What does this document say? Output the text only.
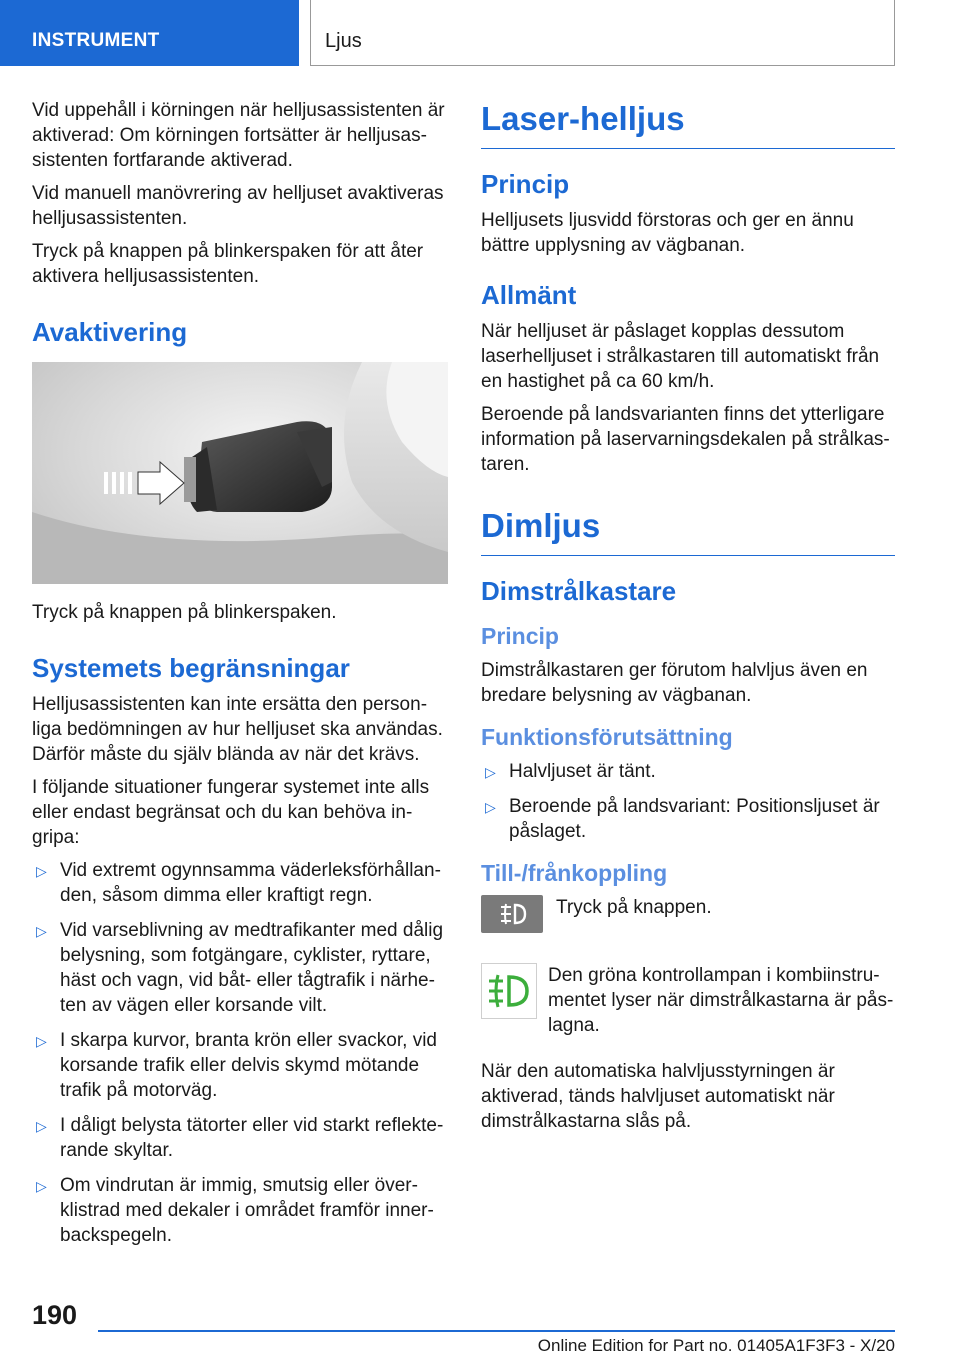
INSTRUMENT	Ljus

Vid uppehåll i körningen när helljusassistenten är aktiverad: Om körningen fortsätter är helljusassistenten fortfarande aktiverad.

Vid manuell manövrering av helljuset avaktiveras helljusassistenten.

Tryck på knappen på blinkerspaken för att åter aktivera helljusassistenten.

Avaktivering

Tryck på knappen på blinkerspaken.

Systemets begränsningar

Helljusassistenten kan inte ersätta den personliga bedömningen av hur helljuset ska användas. Därför måste du själv blända av när det krävs.

I följande situationer fungerar systemet inte alls eller endast begränsat och du kan behöva ingripa:

▷ Vid extremt ogynnsamma väderleksförhållanden, såsom dimma eller kraftigt regn.
▷ Vid varseblivning av medtrafikanter med dålig belysning, som fotgängare, cyklister, ryttare, häst och vagn, vid båt- eller tågtrafik i närheten av vägen eller korsande vilt.
▷ I skarpa kurvor, branta krön eller svackor, vid korsande trafik eller delvis skymd mötande trafik på motorväg.
▷ I dåligt belysta tätorter eller vid starkt reflekterande skyltar.
▷ Om vindrutan är immig, smutsig eller överklistrad med dekaler i området framför innerbackspegeln.
Laser-helljus
Princip

Helljusets ljusvidd förstoras och ger en ännu bättre upplysning av vägbanan.

Allmänt

När helljuset är påslaget kopplas dessutom laserhelljuset i strålkastaren till automatiskt från en hastighet på ca 60 km/h.

Beroende på landsvarianten finns det ytterligare information på laservarningsdekalen på strålkastaren.

Dimljus
Dimstrålkastare
Princip

Dimstrålkastaren ger förutom halvljus även en bredare belysning av vägbanan.

Funktionsförutsättning
▷ Halvljuset är tänt.
▷ Beroende på landsvariant: Positionsljuset är påslaget.
Till-/frånkoppling
Tryck på knappen.
Den gröna kontrollampan i kombiinstrumentet lyser när dimstrålkastarna är påslagna.

När den automatiska halvljusstyrningen är aktiverad, tänds halvljuset automatiskt när dimstrålkastarna slås på.

190
Online Edition for Part no. 01405A1F3F3 - X/20
